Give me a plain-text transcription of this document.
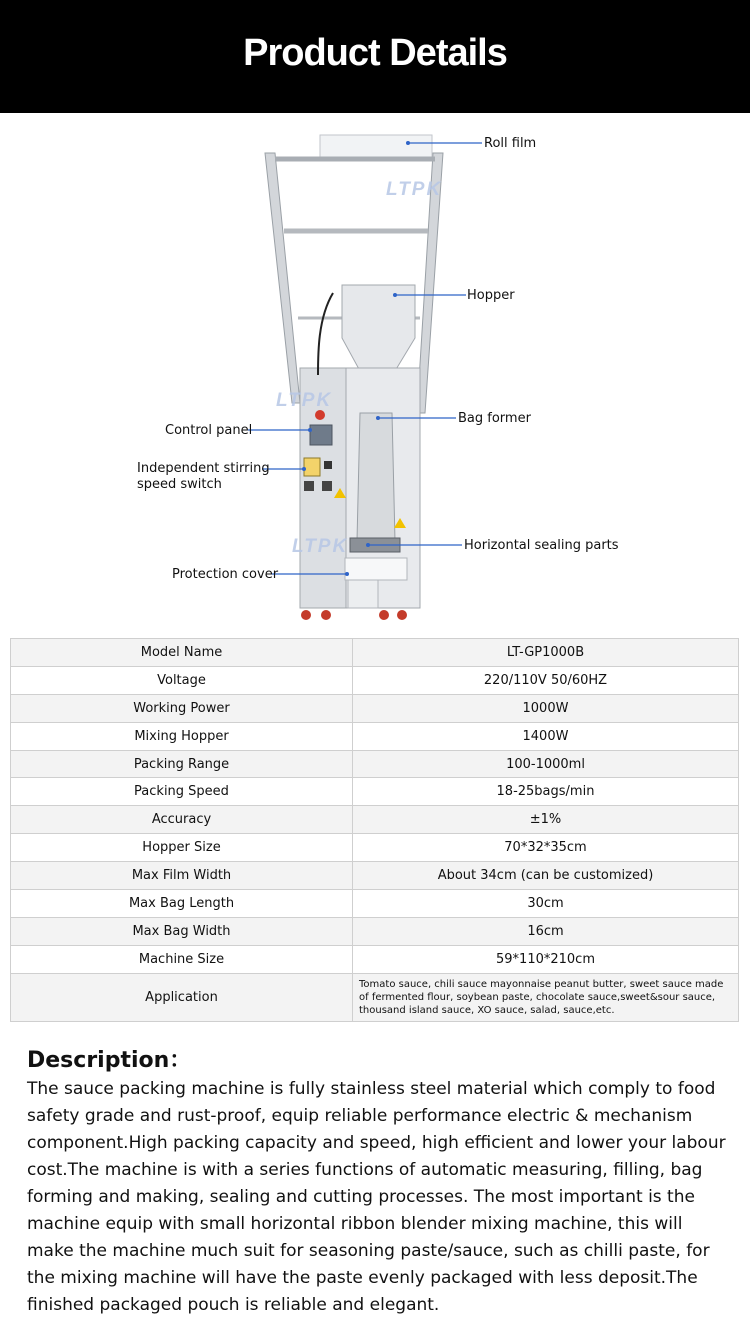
Product Details
LTPK
LTPK
LTPK
Roll film
Hopper
Bag former
Control panel
Independent stirring
speed switch
Horizontal sealing parts
Protection cover
Model Name	LT-GP1000B
Voltage	220/110V 50/60HZ
Working Power	1000W
Mixing Hopper	1400W
Packing Range	100-1000ml
Packing Speed	18-25bags/min
Accuracy	±1%
Hopper Size	70*32*35cm
Max Film Width	About 34cm (can be customized)
Max Bag Length	30cm
Max Bag Width	16cm
Machine Size	59*110*210cm
Application	Tomato sauce, chili sauce mayonnaise peanut butter, sweet sauce made of fermented flour, soybean paste, chocolate sauce,sweet&sour sauce, thousand island sauce, XO sauce, salad, sauce,etc.
Description：

The sauce packing machine is fully stainless steel material which comply to food safety grade and rust-proof, equip reliable performance electric & mechanism component.High packing capacity and speed, high efficient and lower your labour cost.The machine is with a series functions of automatic measuring, filling, bag forming and making, sealing and cutting processes. The most important is the machine equip with small horizontal ribbon blender mixing machine, this will make the machine much suit for seasoning paste/sauce, such as chilli paste, for the mixing machine will have the paste evenly packaged with less deposit.The finished packaged pouch is reliable and elegant.
